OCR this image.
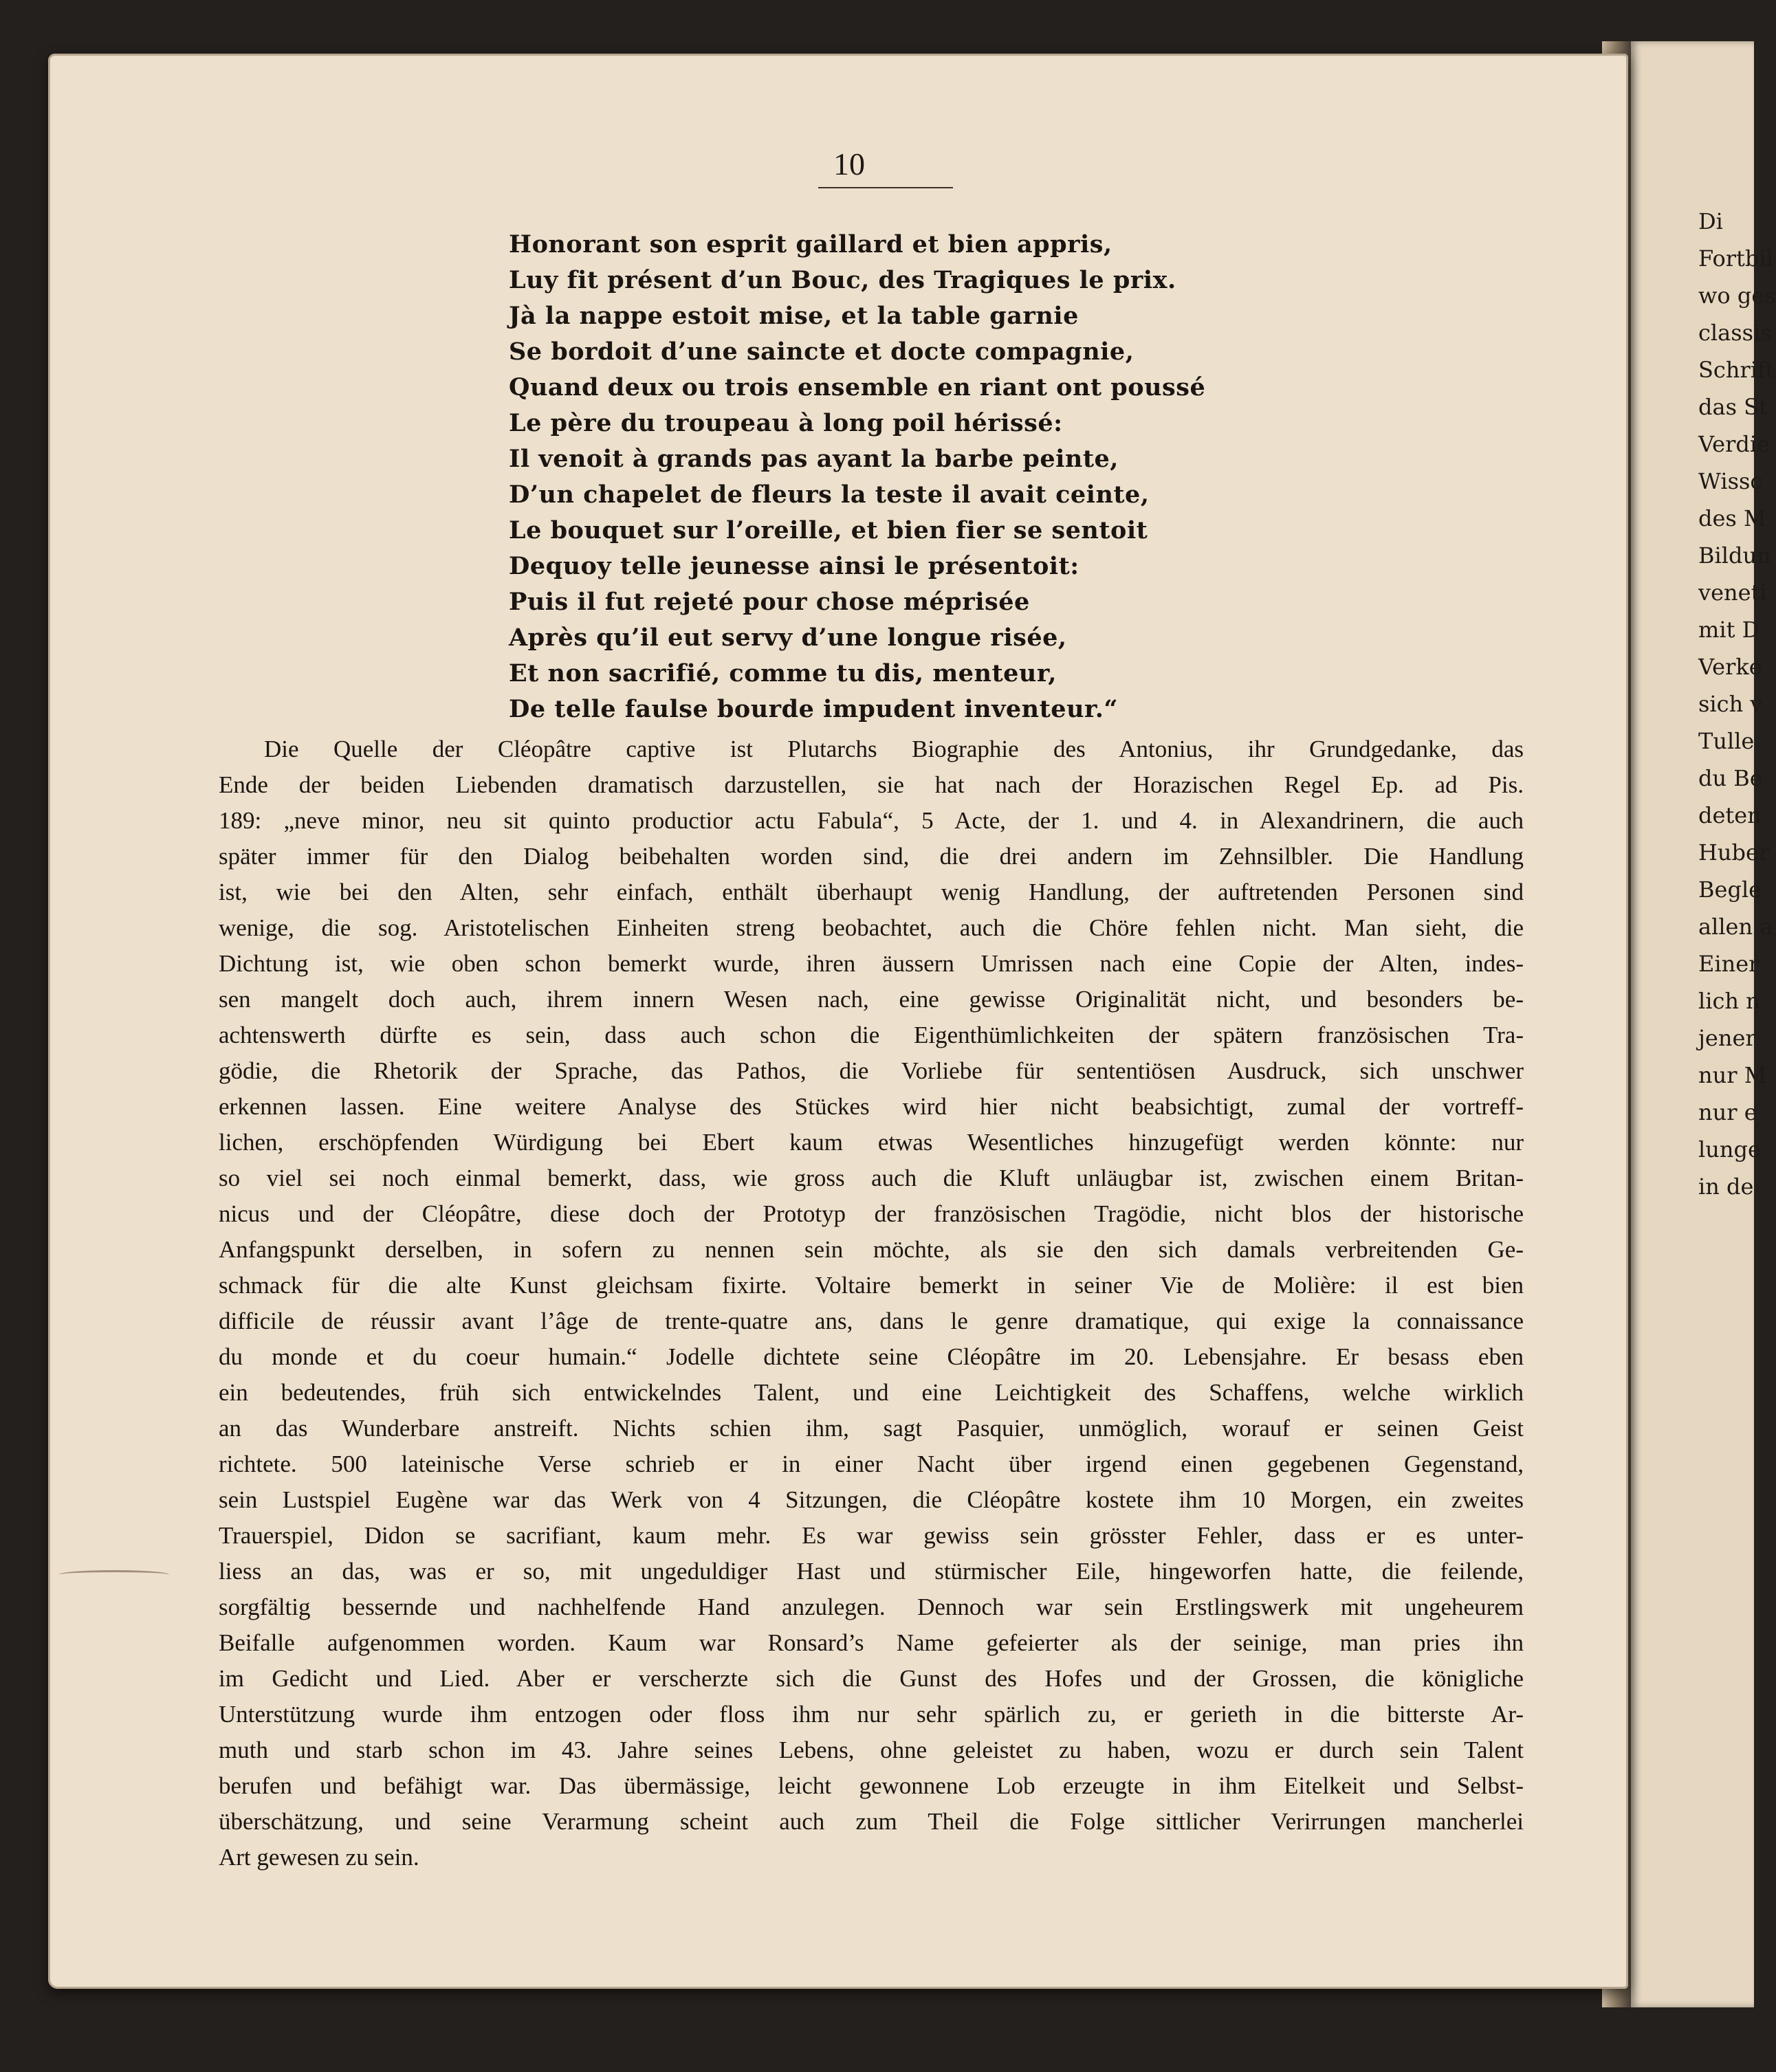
Di
Fortbil
wo ges
classis
Schrift
das St
Verdie
Wissc
des M
Bildun
veneti
mit D
Verke
sich v
Tulle
du Be
deten
Huber
Begle
allen a
Einer
lich n
jener
nur M
nur e
lunge
in de
10
Honorant son esprit gaillard et bien appris,
Luy fit présent d’un Bouc, des Tragiques le prix.
Jà la nappe estoit mise, et la table garnie
Se bordoit d’une saincte et docte compagnie,
Quand deux ou trois ensemble en riant ont poussé
Le père du troupeau à long poil hérissé:
Il venoit à grands pas ayant la barbe peinte,
D’un chapelet de fleurs la teste il avait ceinte,
Le bouquet sur l’oreille, et bien fier se sentoit
Dequoy telle jeunesse ainsi le présentoit:
Puis il fut rejeté pour chose méprisée
Après qu’il eut servy d’une longue risée,
Et non sacrifié, comme tu dis, menteur,
De telle faulse bourde impudent inventeur.“
Die Quelle der Cléopâtre captive ist Plutarchs Biographie des Antonius, ihr Grundgedanke, das
Ende der beiden Liebenden dramatisch darzustellen, sie hat nach der Horazischen Regel Ep. ad Pis.
189: „neve minor, neu sit quinto productior actu Fabula“, 5 Acte, der 1. und 4. in Alexandrinern, die auch
später immer für den Dialog beibehalten worden sind, die drei andern im Zehnsilbler. Die Handlung
ist, wie bei den Alten, sehr einfach, enthält überhaupt wenig Handlung, der auftretenden Personen sind
wenige, die sog. Aristotelischen Einheiten streng beobachtet, auch die Chöre fehlen nicht. Man sieht, die
Dichtung ist, wie oben schon bemerkt wurde, ihren äussern Umrissen nach eine Copie der Alten, indes-
sen mangelt doch auch, ihrem innern Wesen nach, eine gewisse Originalität nicht, und besonders be-
achtenswerth dürfte es sein, dass auch schon die Eigenthümlichkeiten der spätern französischen Tra-
gödie, die Rhetorik der Sprache, das Pathos, die Vorliebe für sententiösen Ausdruck, sich unschwer
erkennen lassen. Eine weitere Analyse des Stückes wird hier nicht beabsichtigt, zumal der vortreff-
lichen, erschöpfenden Würdigung bei Ebert kaum etwas Wesentliches hinzugefügt werden könnte: nur
so viel sei noch einmal bemerkt, dass, wie gross auch die Kluft unläugbar ist, zwischen einem Britan-
nicus und der Cléopâtre, diese doch der Prototyp der französischen Tragödie, nicht blos der historische
Anfangspunkt derselben, in sofern zu nennen sein möchte, als sie den sich damals verbreitenden Ge-
schmack für die alte Kunst gleichsam fixirte. Voltaire bemerkt in seiner Vie de Molière: il est bien
difficile de réussir avant l’âge de trente-quatre ans, dans le genre dramatique, qui exige la connaissance
du monde et du coeur humain.“ Jodelle dichtete seine Cléopâtre im 20. Lebensjahre. Er besass eben
ein bedeutendes, früh sich entwickelndes Talent, und eine Leichtigkeit des Schaffens, welche wirklich
an das Wunderbare anstreift. Nichts schien ihm, sagt Pasquier, unmöglich, worauf er seinen Geist
richtete. 500 lateinische Verse schrieb er in einer Nacht über irgend einen gegebenen Gegenstand,
sein Lustspiel Eugène war das Werk von 4 Sitzungen, die Cléopâtre kostete ihm 10 Morgen, ein zweites
Trauerspiel, Didon se sacrifiant, kaum mehr. Es war gewiss sein grösster Fehler, dass er es unter-
liess an das, was er so, mit ungeduldiger Hast und stürmischer Eile, hingeworfen hatte, die feilende,
sorgfältig bessernde und nachhelfende Hand anzulegen. Dennoch war sein Erstlingswerk mit ungeheurem
Beifalle aufgenommen worden. Kaum war Ronsard’s Name gefeierter als der seinige, man pries ihn
im Gedicht und Lied. Aber er verscherzte sich die Gunst des Hofes und der Grossen, die königliche
Unterstützung wurde ihm entzogen oder floss ihm nur sehr spärlich zu, er gerieth in die bitterste Ar-
muth und starb schon im 43. Jahre seines Lebens, ohne geleistet zu haben, wozu er durch sein Talent
berufen und befähigt war. Das übermässige, leicht gewonnene Lob erzeugte in ihm Eitelkeit und Selbst-
überschätzung, und seine Verarmung scheint auch zum Theil die Folge sittlicher Verirrungen mancherlei
Art gewesen zu sein.
